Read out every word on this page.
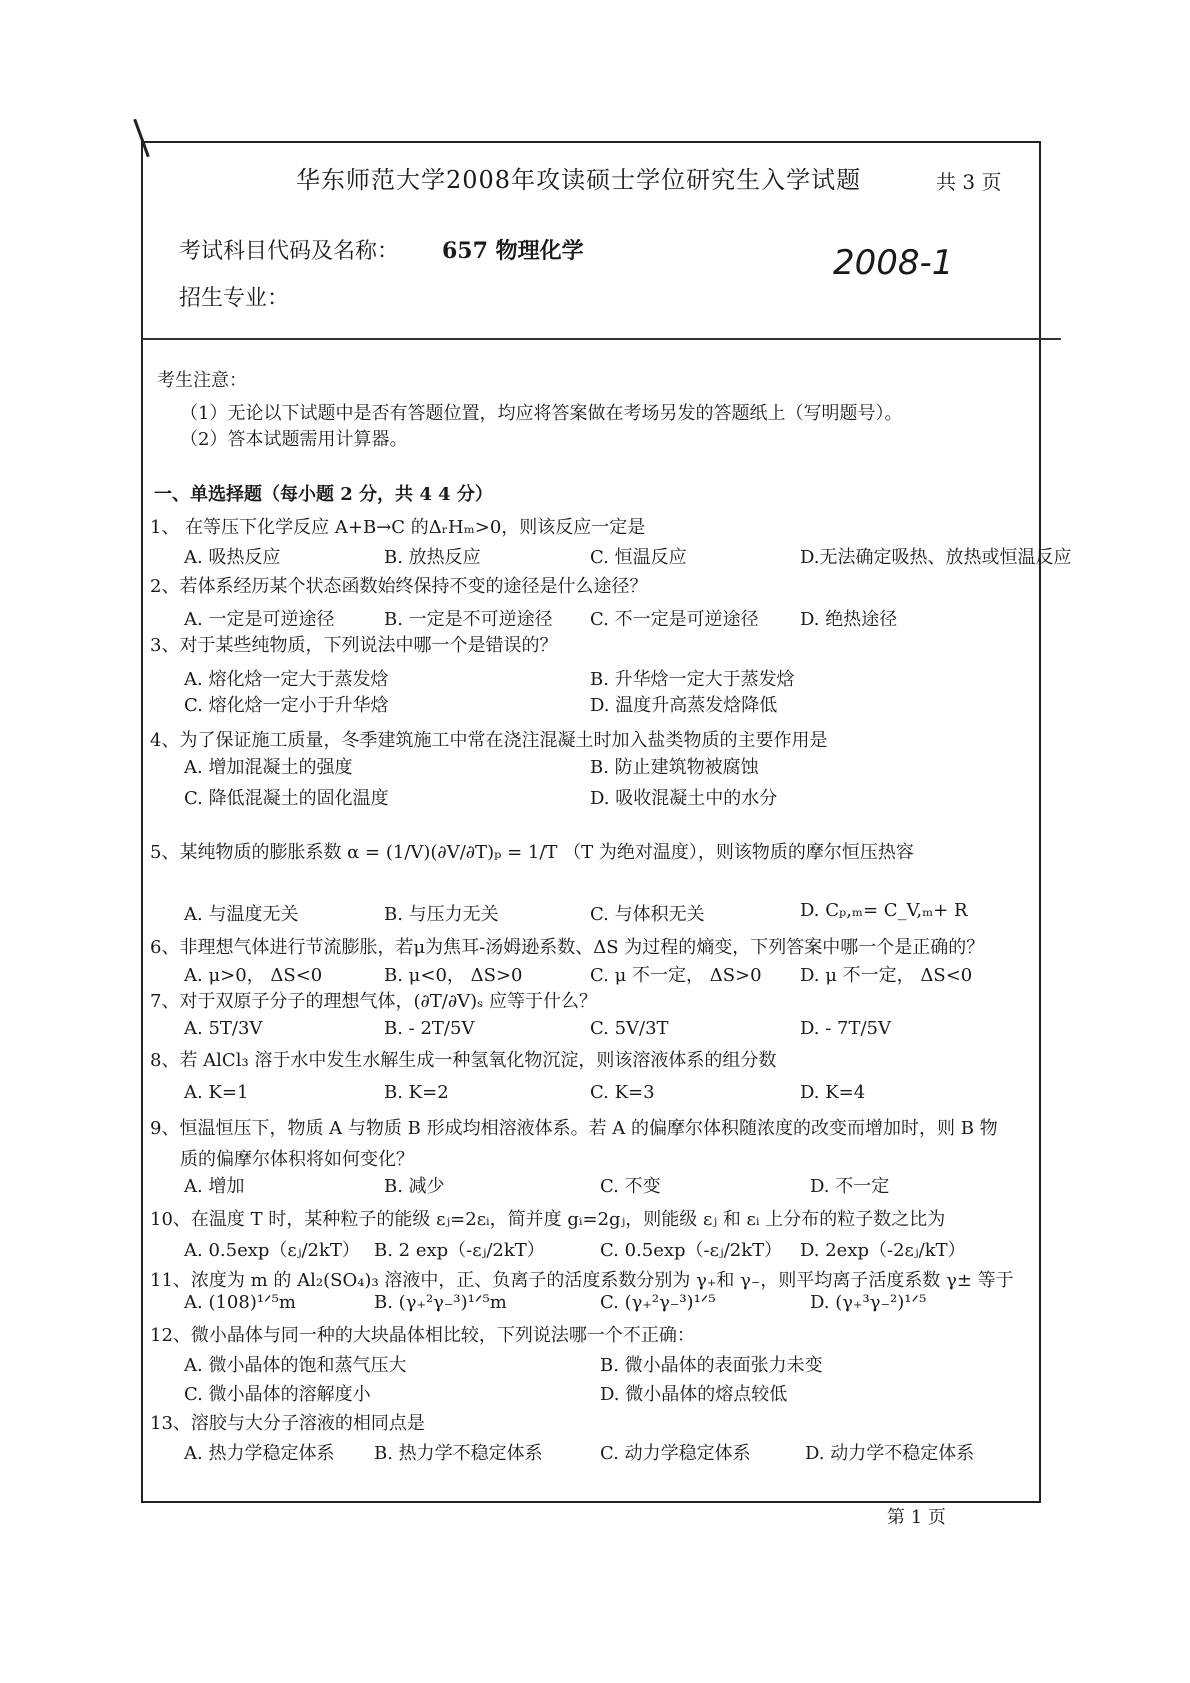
华东师范大学2008年攻读硕士学位研究生入学试题	共 3 页
考试科目代码及名称： 657 物理化学	2008-1
招生专业：
考生注意：
（1）无论以下试题中是否有答题位置，均应将答案做在考场另发的答题纸上（写明题号）。
（2）答本试题需用计算器。
一、单选择题（每小题 2 分，共 4 4 分）
1、 在等压下化学反应 A+B→C 的ΔᵣHₘ>0，则该反应一定是
A. 吸热反应	B. 放热反应	C. 恒温反应	D.无法确定吸热、放热或恒温反应
2、若体系经历某个状态函数始终保持不变的途径是什么途径？
A. 一定是可逆途径	B. 一定是不可逆途径 C. 不一定是可逆途径 D. 绝热途径
3、对于某些纯物质，下列说法中哪一个是错误的？
A. 熔化焓一定大于蒸发焓	B. 升华焓一定大于蒸发焓
C. 熔化焓一定小于升华焓	D. 温度升高蒸发焓降低
4、为了保证施工质量，冬季建筑施工中常在浇注混凝土时加入盐类物质的主要作用是
A. 增加混凝土的强度	B. 防止建筑物被腐蚀
C. 降低混凝土的固化温度	D. 吸收混凝土中的水分
5、某纯物质的膨胀系数 α = (1/V)(∂V/∂T)ₚ = 1/T （T 为绝对温度），则该物质的摩尔恒压热容
A. 与温度无关	B. 与压力无关	C. 与体积无关	D. Cₚ,ₘ= C_V,ₘ+ R
6、非理想气体进行节流膨胀，若μ为焦耳-汤姆逊系数、ΔS 为过程的熵变，下列答案中哪一个是正确的？
A. μ>0， ΔS<0	B. μ<0， ΔS>0	C. μ 不一定， ΔS>0 D. μ 不一定， ΔS<0
7、对于双原子分子的理想气体，(∂T/∂V)ₛ 应等于什么？
A. 5T/3V	B. - 2T/5V	C. 5V/3T	D. - 7T/5V
8、若 AlCl₃ 溶于水中发生水解生成一种氢氧化物沉淀，则该溶液体系的组分数
A. K=1	B. K=2	C. K=3	D. K=4
9、恒温恒压下，物质 A 与物质 B 形成均相溶液体系。若 A 的偏摩尔体积随浓度的改变而增加时，则 B 物
质的偏摩尔体积将如何变化？
A. 增加	B. 减少	C. 不变	D. 不一定
10、在温度 T 时，某种粒子的能级 εⱼ=2εᵢ，简并度 gᵢ=2gⱼ，则能级 εⱼ 和 εᵢ 上分布的粒子数之比为
A. 0.5exp（εⱼ/2kT） B. 2 exp（-εⱼ/2kT）	C. 0.5exp（-εⱼ/2kT） D. 2exp（-2εⱼ/kT）
11、浓度为 m 的 Al₂(SO₄)₃ 溶液中，正、负离子的活度系数分别为 γ₊和 γ₋，则平均离子活度系数 γ± 等于
A. (108)¹ᐟ⁵m	B. (γ₊²γ₋³)¹ᐟ⁵m	C. (γ₊²γ₋³)¹ᐟ⁵	D. (γ₊³γ₋²)¹ᐟ⁵
12、微小晶体与同一种的大块晶体相比较，下列说法哪一个不正确：
A. 微小晶体的饱和蒸气压大	B. 微小晶体的表面张力未变
C. 微小晶体的溶解度小	D. 微小晶体的熔点较低
13、溶胶与大分子溶液的相同点是
A. 热力学稳定体系 B. 热力学不稳定体系	C. 动力学稳定体系	D. 动力学不稳定体系
第 1 页
